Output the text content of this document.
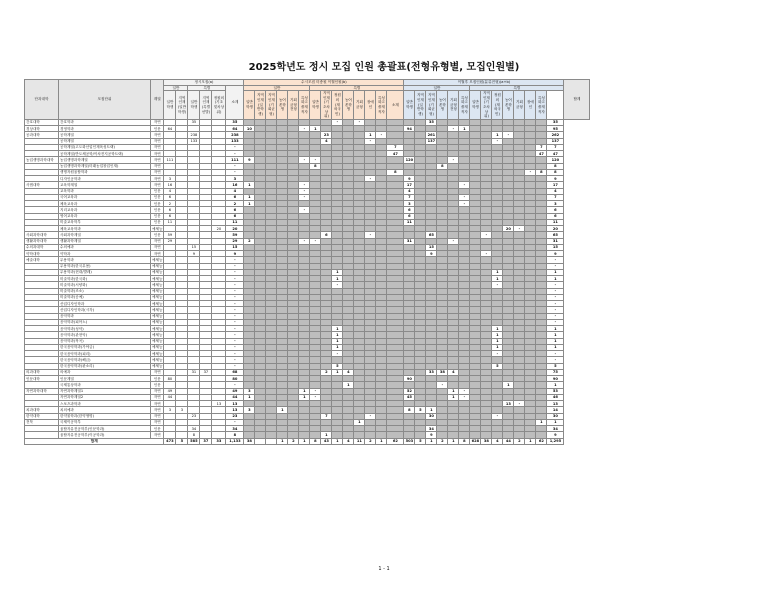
2025학년도 정시 모집 인원 총괄표(전형유형별, 모집인원별)
단과대학	모집단위	계열	정시모집(a)						수시모집 미충원 이월인원(b)														이월후 모집인원(분류전형)(a+b)														합계
			일반		특별			소계	일반						특별								일반						특별								
			일반학생	지역인재(일반학생)	일반학생	지역인재(특별선발)	정원외(기초및차상위)		일반학생	지역인재(일반학생)	지역인재(기회균형)	농어촌학생	기회균형전형	특성화고졸재직자	일반학생	지역인재(기초차상위)	정원외(재외국민)	농어촌학생	기회균형	장애인	특성화고졸재직자	소계	일반학생	지역인재(일반학생)	지역인재(기회균형)	농어촌학생	기회균형전형	특성화고졸재직자	일반학생	지역인재(기초차상위)	정원외(재외국민)	농어촌학생	기회균형	장애인	특성화고졸재직자		
간호대학	간호학과	자연			35			35									-		-						35											35	
경상대학	경영학과	인문	64					64	10					-	1								94				-	1								95	
공과대학	공학계열	자연			238			238								23				1	-				261						1	-				262	
	공학계열	자연			133			133								4				-					137						-					137	
	공학계열(고도화산업인재육성트랙)	자연						-														7													7	7	
	공학계열(반도체공학/이차전지공학트랙)	자연						-														47													47	47	
농업생명과학대학	농업생명과학계열	자연	111					111	9					-	-								120				-									120	
	농업생명과학계열(미래농업창업인재)	자연						-							8											8										8	
	생명자원융합학과	자연						-														8												-	8	8	
	디자인공학과	자연	3					3												-			9													9	
사범대학	교육학계열	자연	16					16	1					-									17					-								17	
	교육학과	인문	4					4						-									4													4	
	국어교육과	인문	6					6	1					-									7					-								7	
	체육교육과	인문	2					2	1														3					-								3	
	지리교육과	인문	6					6						-									6													6	
	영어교육과	인문	6					6															6													6	
	미술교육학부	인문	11					11															11													11	
	체육교육학과	예체능					20	20																								20	-			20	
사회과학대학	사회과학계열	인문	59					59								6				-					65					-						65	
생활과학대학	생활과학계열	자연	29					29	2					-	-								31				-									31	
수의과대학	수의예과	자연			15			15																	15											15	
약학대학	약학과	자연			9			9																	9					-						9	
예술대학	무용학과	예체능						-																												-	
	무용학과(한국무용)	예체능						-																												-	
	무용학과(현대/발레)	예체능						-									1														1					1	
	미술학과(한국화)	예체능						-									1														1					1	
	미술학과(서양화)	예체능						-									-														-					-	
	미술학과(조소)	예체능						-																												-	
	미술학과(공예)	예체능						-																												-	
	산업디자인학과	예체능						-																												-	
	산업디자인학과(시각)	예체능						-																												-	
	음악학과	예체능						-																												-	
	음악학과(피아노)	예체능						-																												-	
	음악학과(성악)	예체능						-									1														1					1	
	음악학과(관현악)	예체능						-									1														1					1	
	음악학과(작곡)	예체능						-									1														1					1	
	한국음악학과(가야금)	예체능						-									1														1					1	
	한국음악학과(피리)	예체능						-									-														-					-	
	한국음악학과(해금)	예체능						-																												-	
	한국음악학과(판소리)	예체능						-									5														5					5	
의과대학	의예과	자연			31	37		68								2	1	4							33	38	4									75	
인문대학	인문계열	인문	80					80															90													90	
	국제통상학과	인문						-										1								-						1				1	
자연과학대학	자연과학계열1	자연	49					49	3					1	-								52				1	-								53	
	자연과학계열2	자연	44					44	1					1	-								45				1	-								46	
	스포츠과학과	자연					13	13																								13	-			13	
치과대학	치의예과	자연	3	3				13	3			1											8	5	1											14	
한약대학	한약물학과(한약생명)	자연			23			23								7				-					30						-					30	
전북	국제이공학부	자연						-											1																1	1	
	융합자유전공학부(인문학과)	인문			34			34																	34											34	
	융합자유전공학부(이공학과)	자연			8			8								1									9											9	
합계			473	5	585	37	33	1,133	38			1	2	1	8	43	1	4	11	2	1	62	503	5	1	2	1	8	628	38	4	44	2	1	62	1,295	
1 - 1
